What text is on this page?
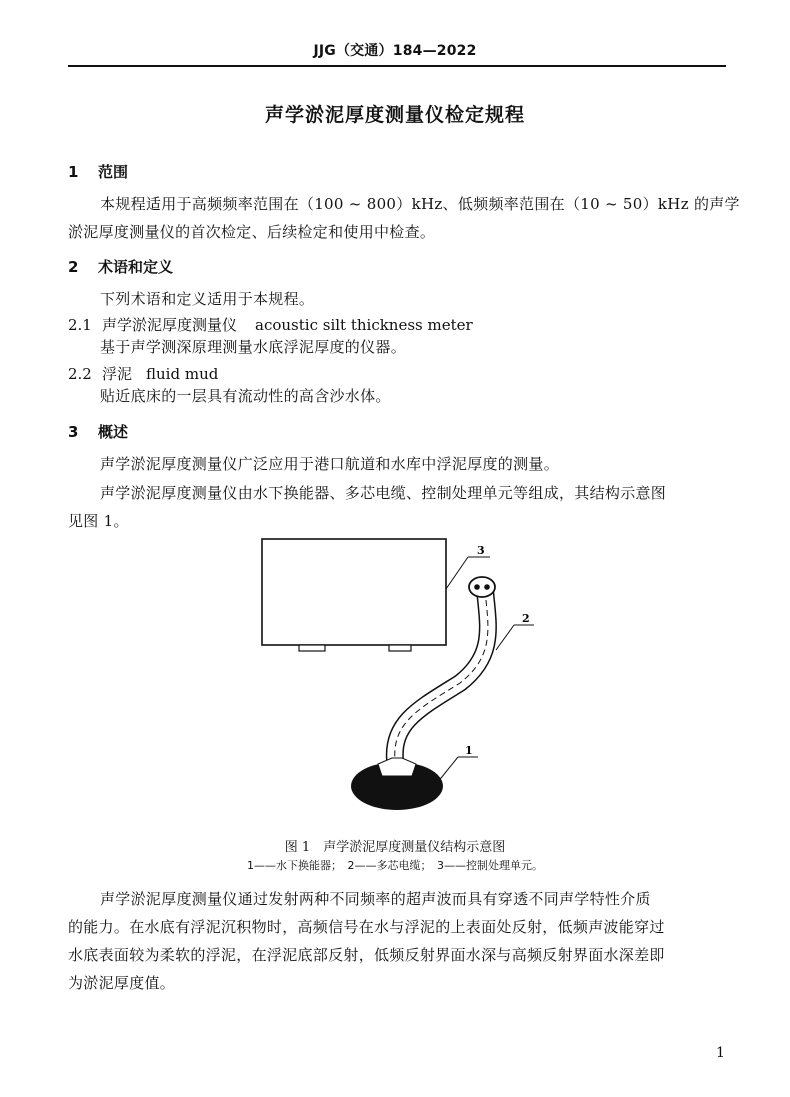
JJG（交通）184—2022
声学淤泥厚度测量仪检定规程
1 范围
本规程适用于高频频率范围在（100 ~ 800）kHz、低频频率范围在（10 ~ 50）kHz 的声学
淤泥厚度测量仪的首次检定、后续检定和使用中检查。
2 术语和定义
下列术语和定义适用于本规程。
2.1 声学淤泥厚度测量仪 acoustic silt thickness meter
基于声学测深原理测量水底浮泥厚度的仪器。
2.2 浮泥 fluid mud
贴近底床的一层具有流动性的高含沙水体。
3 概述
声学淤泥厚度测量仪广泛应用于港口航道和水库中浮泥厚度的测量。
声学淤泥厚度测量仪由水下换能器、多芯电缆、控制处理单元等组成，其结构示意图
见图 1。
3
2
1
图 1　声学淤泥厚度测量仪结构示意图
1——水下换能器；　2——多芯电缆；　3——控制处理单元。
声学淤泥厚度测量仪通过发射两种不同频率的超声波而具有穿透不同声学特性介质
的能力。在水底有浮泥沉积物时，高频信号在水与浮泥的上表面处反射，低频声波能穿过
水底表面较为柔软的浮泥，在浮泥底部反射，低频反射界面水深与高频反射界面水深差即
为淤泥厚度值。
1
